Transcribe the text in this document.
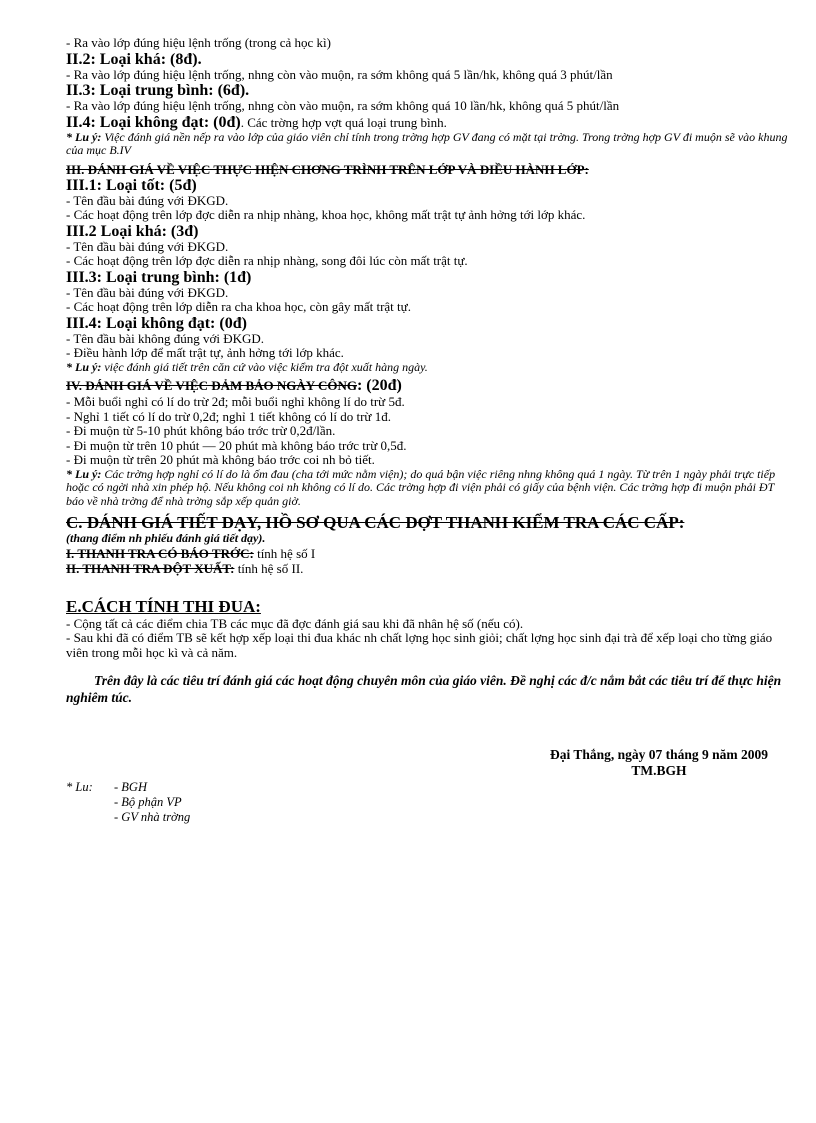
- Ra vào lớp đúng hiệu lệnh trống (trong cả học kì)
II.2: Loại khá: (8đ).
- Ra vào lớp đúng hiệu lệnh trống, nhng còn vào muộn, ra sớm không quá 5 lần/hk, không quá 3 phút/lần
II.3: Loại trung bình: (6đ).
- Ra vào lớp đúng hiệu lệnh trống, nhng còn vào muộn, ra sớm không quá 10 lần/hk, không quá 5 phút/lần
II.4: Loại không đạt: (0đ). Các trờng hợp vợt quá loại trung bình.
* Lu ý: Việc đánh giá nền nếp ra vào lớp của giáo viên chỉ tính trong trờng hợp GV đang có mặt tại trờng. Trong trờng hợp GV đi muộn sẽ vào khung của mục B.IV
III. ĐÁNH GIÁ VỀ VIỆC THỰC HIỆN CHƠNG TRÌNH TRÊN LỚP VÀ ĐIỀU HÀNH LỚP:
III.1: Loại tốt: (5đ)
- Tên đầu bài đúng với ĐKGD.
- Các hoạt động trên lớp đợc diễn ra nhịp nhàng, khoa học, không mất trật tự ảnh hởng tới lớp khác.
III.2 Loại khá: (3đ)
- Tên đầu bài đúng với ĐKGD.
- Các hoạt động trên lớp đợc diễn ra nhịp nhàng, song đôi lúc còn mất trật tự.
III.3: Loại trung bình: (1đ)
- Tên đầu bài đúng với ĐKGD.
- Các hoạt động trên lớp diễn ra cha khoa học, còn gây mất trật tự.
III.4: Loại không đạt: (0đ)
- Tên đầu bài không đúng với ĐKGD.
- Điều hành lớp để mất trật tự, ảnh hởng tới lớp khác.
* Lu ý: việc đánh giá tiết trên căn cứ vào việc kiểm tra đột xuất hàng ngày.
IV. ĐÁNH GIÁ VỀ VIỆC ĐẢM BẢO NGÀY CÔNG: (20đ)
- Mỗi buổi nghỉ có lí do trừ 2đ; mỗi buổi nghỉ không lí do trừ 5đ.
- Nghỉ 1 tiết có lí do trừ 0,2đ; nghỉ 1 tiết không có lí do trừ 1đ.
- Đi muộn từ 5-10 phút không báo trớc trừ 0,2đ/lần.
- Đi muộn từ trên 10 phút — 20 phút mà không báo trớc trừ 0,5đ.
- Đi muộn từ trên 20 phút mà không báo trớc coi nh bỏ tiết.
* Lu ý: Các trờng hợp nghỉ có lí do là ốm đau (cha tới mức nằm viện); do quá bận việc riêng nhng không quá 1 ngày. Từ trên 1 ngày phải trực tiếp hoặc có ngời nhà xin phép hộ. Nếu không coi nh không có lí do. Các trờng hợp đi viện phải có giấy của bệnh viện. Các trờng hợp đi muộn phải ĐT báo về nhà trờng để nhà trờng sắp xếp quản giờ.
C. ĐÁNH GIÁ TIẾT DẠY, HỒ SƠ QUA CÁC ĐỢT THANH KIỂM TRA CÁC CẤP:
(thang điểm nh phiếu đánh giá tiết dạy).
I. THANH TRA CÓ BÁO TRỚC: tính hệ số I
II. THANH TRA ĐỘT XUẤT: tính hệ số II.
E.CÁCH TÍNH THI ĐUA:
- Cộng tất cả các điểm chia TB các mục đã đợc đánh giá sau khi đã nhân hệ số (nếu có).
- Sau khi đã có điểm TB sẽ kết hợp xếp loại thi đua khác nh chất lợng học sinh giỏi; chất lợng học sinh đại trà để xếp loại cho từng giáo viên trong mỗi học kì và cả năm.
Trên đây là các tiêu trí đánh giá các hoạt động chuyên môn của giáo viên. Đề nghị các đ/c nắm bắt các tiêu trí để thực hiện nghiêm túc.
Đại Thắng, ngày 07 tháng 9 năm 2009
TM.BGH
* Lu: - BGH
- Bộ phận VP
- GV nhà trờng
